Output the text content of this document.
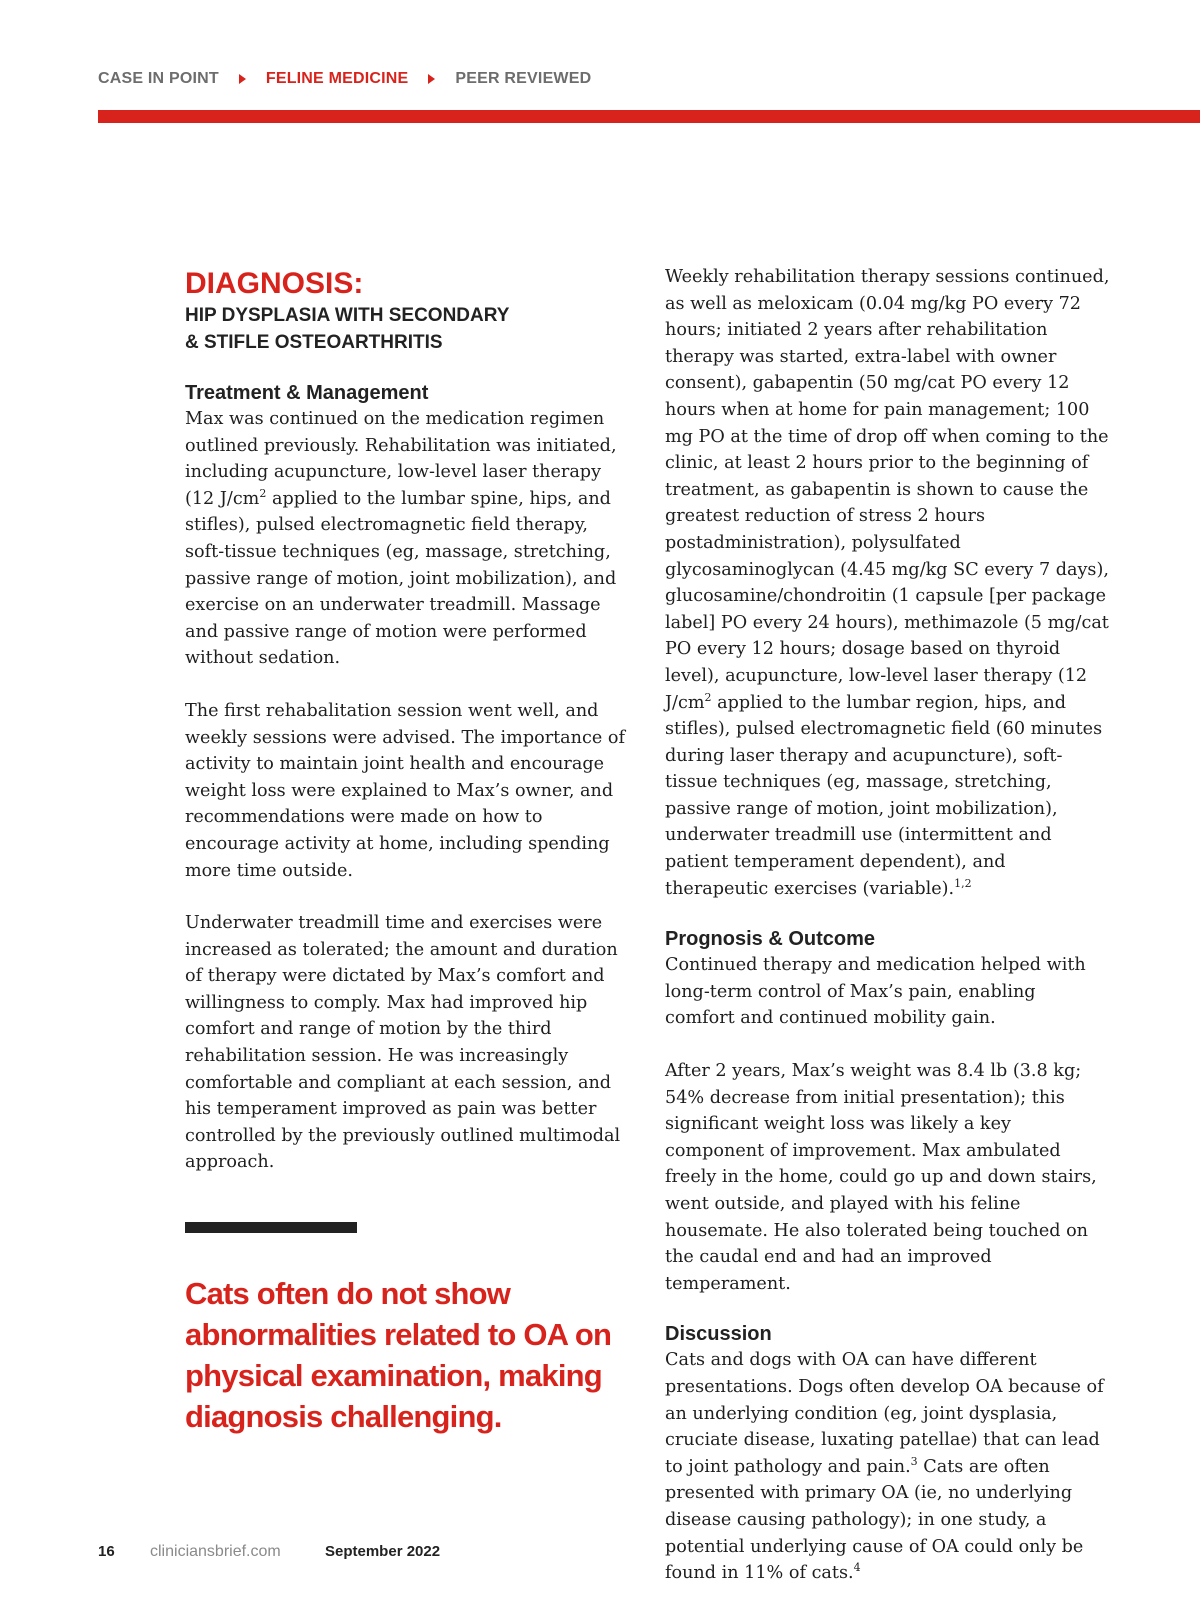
CASE IN POINT	FELINE MEDICINE	PEER REVIEWED
DIAGNOSIS:
HIP DYSPLASIA WITH SECONDARY
& STIFLE OSTEOARTHRITIS
Treatment & Management

Max was continued on the medication regimen outlined previously. Rehabilitation was initiated, including acupuncture, low-level laser therapy (12 $J/cm^2$ applied to the lumbar spine, hips, and stifles), pulsed electromagnetic field therapy, soft-tissue techniques (eg, massage, stretching, passive range of motion, joint mobilization), and exercise on an underwater treadmill. Massage and passive range of motion were performed without sedation.

The first rehabalitation session went well, and weekly sessions were advised. The importance of activity to maintain joint health and encourage weight loss were explained to Max’s owner, and recommendations were made on how to encourage activity at home, including spending more time outside.

Underwater treadmill time and exercises were increased as tolerated; the amount and duration of therapy were dictated by Max’s comfort and willingness to comply. Max had improved hip comfort and range of motion by the third rehabilitation session. He was increasingly comfortable and compliant at each session, and his temperament improved as pain was better controlled by the previously outlined multimodal approach.

Cats often do not show abnormalities related to OA on physical examination, making diagnosis challenging.

Weekly rehabilitation therapy sessions continued, as well as meloxicam (0.04 mg/kg PO every 72 hours; initiated 2 years after rehabilitation therapy was started, extra-label with owner consent), gabapentin (50 mg/cat PO every 12 hours when at home for pain management; 100 mg PO at the time of drop off when coming to the clinic, at least 2 hours prior to the beginning of treatment, as gabapentin is shown to cause the greatest reduction of stress 2 hours postadministration), polysulfated glycosaminoglycan (4.45 mg/kg SC every 7 days), glucosamine/chondroitin (1 capsule [per package label] PO every 24 hours), methimazole (5 mg/cat PO every 12 hours; dosage based on thyroid level), acupuncture, low-level laser therapy (12 $J/cm^2$ applied to the lumbar region, hips, and stifles), pulsed electromagnetic field (60 minutes during laser therapy and acupuncture), soft-tissue techniques (eg, massage, stretching, passive range of motion, joint mobilization), underwater treadmill use (intermittent and patient temperament dependent), and therapeutic exercises (variable).$^{1,2}$

Prognosis & Outcome

Continued therapy and medication helped with long-term control of Max’s pain, enabling comfort and continued mobility gain.

After 2 years, Max’s weight was 8.4 lb (3.8 kg; 54% decrease from initial presentation); this significant weight loss was likely a key component of improvement. Max ambulated freely in the home, could go up and down stairs, went outside, and played with his feline housemate. He also tolerated being touched on the caudal end and had an improved temperament.

Discussion

Cats and dogs with OA can have different presentations. Dogs often develop OA because of an underlying condition (eg, joint dysplasia, cruciate disease, luxating patellae) that can lead to joint pathology and pain.$^3$ Cats are often presented with primary OA (ie, no underlying disease causing pathology); in one study, a potential underlying cause of OA could only be found in 11% of cats.$^4$

16	cliniciansbrief.com	September 2022
